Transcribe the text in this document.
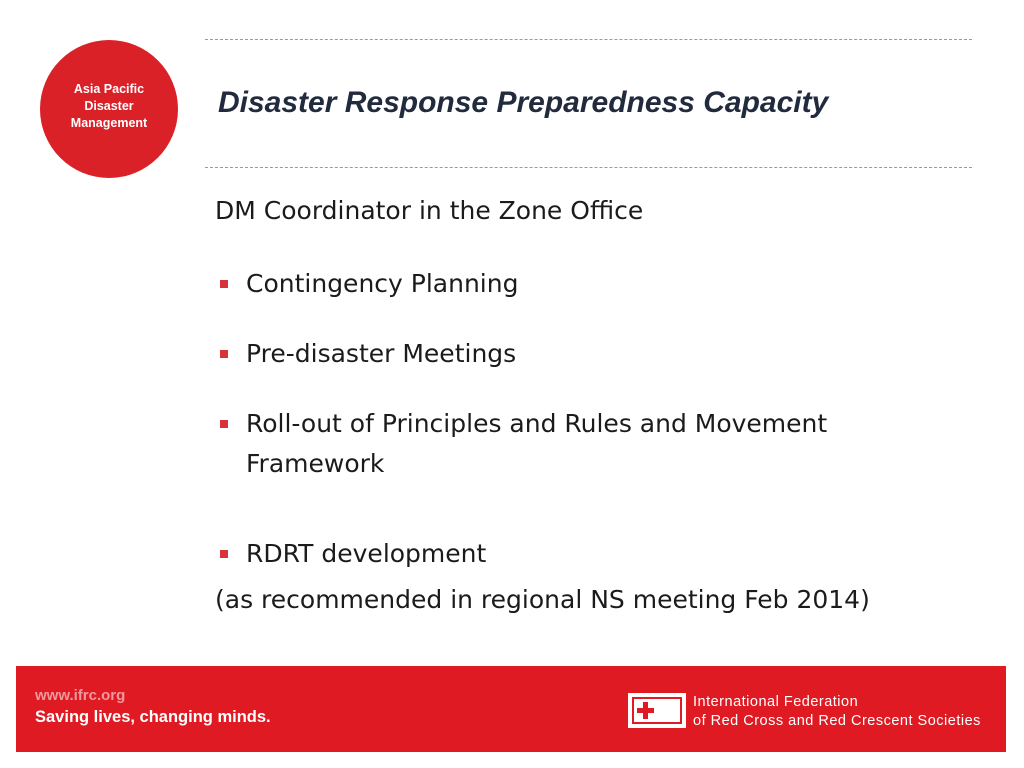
Asia Pacific
Disaster
Management
Disaster Response Preparedness Capacity
DM Coordinator in the Zone Office
Contingency Planning
Pre-disaster Meetings
Roll-out of Principles and Rules and Movement Framework
RDRT development
(as recommended in regional NS meeting Feb 2014)
www.ifrc.org
Saving lives, changing minds.
International Federation
of Red Cross and Red Crescent Societies
